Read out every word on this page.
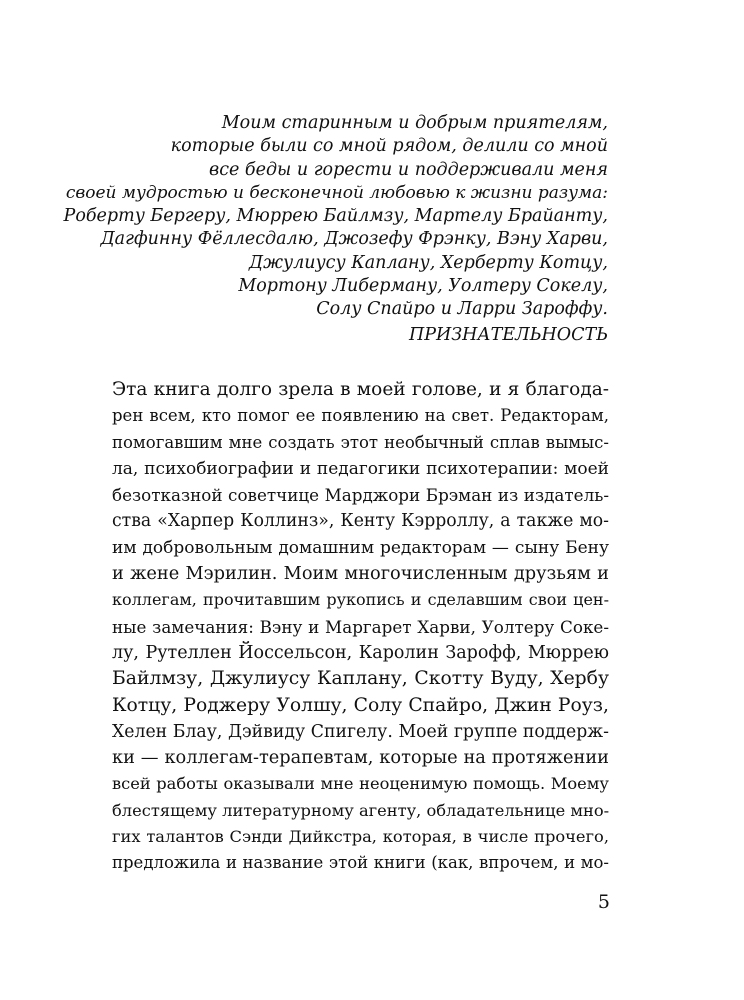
Моим старинным и добрым приятелям,
которые были со мной рядом, делили со мной
все беды и горести и поддерживали меня
своей мудростью и бесконечной любовью к жизни разума:
Роберту Бергеру, Мюррею Байлмзу, Мартелу Брайанту,
Дагфинну Фёллесдалю, Джозефу Фрэнку, Вэну Харви,
Джулиусу Каплану, Херберту Котцу,
Мортону Либерману, Уолтеру Сокелу,
Солу Спайро и Ларри Зароффу.
ПРИЗНАТЕЛЬНОСТЬ
Эта книга долго зрела в моей голове, и я благода-
рен всем, кто помог ее появлению на свет. Редакторам,
помогавшим мне создать этот необычный сплав вымыс-
ла, психобиографии и педагогики психотерапии: моей
безотказной советчице Марджори Брэман из издатель-
ства «Харпер Коллинз», Кенту Кэрроллу, а также мо-
им добровольным домашним редакторам — сыну Бену
и жене Мэрилин. Моим многочисленным друзьям и
коллегам, прочитавшим рукопись и сделавшим свои цен-
ные замечания: Вэну и Маргарет Харви, Уолтеру Соке-
лу, Рутеллен Йоссельсон, Каролин Зарофф, Мюррею
Байлмзу, Джулиусу Каплану, Скотту Вуду, Хербу
Котцу, Роджеру Уолшу, Солу Спайро, Джин Роуз,
Хелен Блау, Дэйвиду Спигелу. Моей группе поддерж-
ки — коллегам-терапевтам, которые на протяжении
всей работы оказывали мне неоценимую помощь. Моему
блестящему литературному агенту, обладательнице мно-
гих талантов Сэнди Дийкстра, которая, в числе прочего,
предложила и название этой книги (как, впрочем, и мо-
5
